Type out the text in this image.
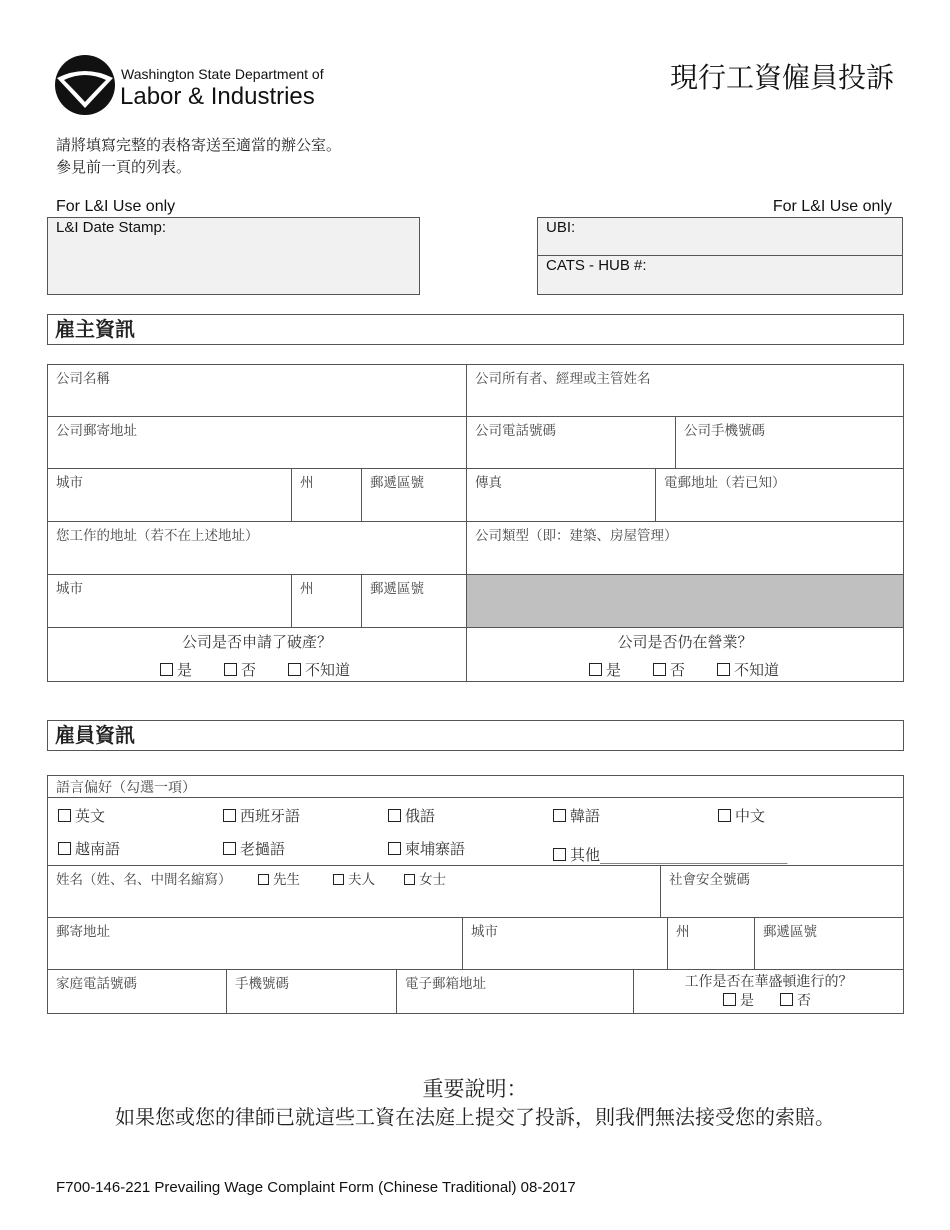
Washington State Department of
Labor & Industries
現行工資僱員投訴
請將填寫完整的表格寄送至適當的辦公室。
參見前一頁的列表。
For L&I Use only	For L&I Use only
L&I Date Stamp:	UBI:
CATS - HUB #:
雇主資訊
公司名稱	公司所有者、經理或主管姓名
公司郵寄地址	公司電話號碼	公司手機號碼
城市	州	郵遞區號	傳真	電郵地址（若已知）
您工作的地址（若不在上述地址）	公司類型（即：建築、房屋管理）
城市	州	郵遞區號
公司是否申請了破產？
是	否	不知道
公司是否仍在營業？
是	否	不知道
雇員資訊
語言偏好（勾選一項）
英文	西班牙語	俄語	韓語	中文
越南語	老撾語	柬埔寨語	其他_________________________
姓名（姓、名、中間名縮寫）	先生	夫人	女士	社會安全號碼
郵寄地址	城市	州	郵遞區號
家庭電話號碼	手機號碼	電子郵箱地址	工作是否在華盛頓進行的？
是	否
重要說明：
如果您或您的律師已就這些工資在法庭上提交了投訴，則我們無法接受您的索賠。
F700-146-221 Prevailing Wage Complaint Form (Chinese Traditional) 08-2017
